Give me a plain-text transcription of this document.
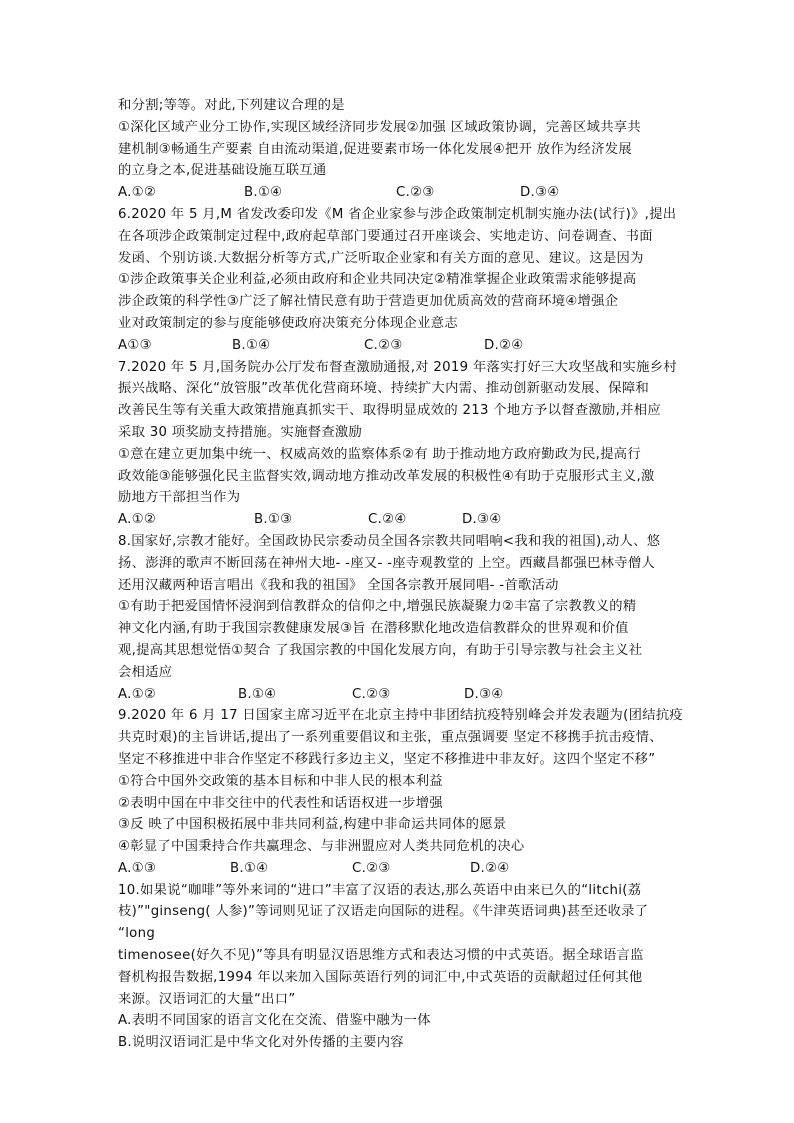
和分割;等等。对此,下列建议合理的是
①深化区域产业分工协作,实现区域经济同步发展②加强 区域政策协调，完善区域共享共
建机制③畅通生产要素 自由流动渠道,促进要素市场一体化发展④把开 放作为经济发展
的立身之本,促进基础设施互联互通
A.①②	B.①④	C.②③	D.③④
6.2020 年 5 月,M 省发改委印发《M 省企业家参与涉企政策制定机制实施办法(试行)》,提出
在各项涉企政策制定过程中,政府起草部门要通过召开座谈会、实地走访、问卷调查、书面
发函、个别访谈.大数据分析等方式,广泛听取企业家和有关方面的意见、建议。这是因为
①涉企政策事关企业利益,必须由政府和企业共同决定②精准掌握企业政策需求能够提高
涉企政策的科学性③广泛了解社情民意有助于营造更加优质高效的营商环境④增强企
业对政策制定的参与度能够使政府决策充分体现企业意志
A①③	B.①④	C.②③	D.②④
7.2020 年 5 月,国务院办公厅发布督查激励通报,对 2019 年落实打好三大攻坚战和实施乡村
振兴战略、深化“放管服”改革优化营商环境、持续扩大内需、推动创新驱动发展、保障和
改善民生等有关重大政策措施真抓实干、取得明显成效的 213 个地方予以督查激励,并相应
采取 30 项奖励支持措施。实施督查激励
①意在建立更加集中统一、权威高效的监察体系②有 助于推动地方政府勤政为民,提高行
政效能③能够强化民主监督实效,调动地方推动改革发展的积极性④有助于克服形式主义,激
励地方干部担当作为
A.①②	B.①③	C.②④	D.③④
8.国家好,宗教才能好。全国政协民宗委动员全国各宗教共同唱响<我和我的祖国),动人、悠
扬、澎湃的歌声不断回荡在神州大地- -座又- -座寺观教堂的 上空。西藏昌都强巴林寺僧人
还用汉藏两种语言唱出《我和我的祖国》 全国各宗教开展同唱- -首歌活动
①有助于把爱国情怀浸润到信教群众的信仰之中,增强民族凝聚力②丰富了宗教教义的精
神文化内涵,有助于我国宗教健康发展③旨 在潜移默化地改造信教群众的世界观和价值
观,提高其思想觉悟①契合 了我国宗教的中国化发展方向，有助于引导宗教与社会主义社
会相适应
A.①②	B.①④	C.②③	D.③④
9.2020 年 6 月 17 日国家主席习近平在北京主持中非团结抗疫特别峰会并发表题为(团结抗疫
共克时艰)的主旨讲话,提出了一系列重要倡议和主张，重点强调要 坚定不移携手抗击疫情、
坚定不移推进中非合作坚定不移践行多边主义，坚定不移推进中非友好。这四个坚定不移”
①符合中国外交政策的基本目标和中非人民的根本利益
②表明中国在中非交往中的代表性和话语权进一步增强
③反 映了中国积极拓展中非共同利益,构建中非命运共同体的愿景
④彰显了中国秉持合作共赢理念、与非洲盟应对人类共同危机的决心
A.①③	B.①④	C.②③	D.②④
10.如果说“咖啡”等外来词的“进口”丰富了汉语的表达,那么英语中由来已久的“litchi(荔
枝)”"ginseng( 人参)”等词则见证了汉语走向国际的进程。《牛津英语词典)甚至还收录了
“long
timenosee(好久不见)”等具有明显汉语思维方式和表达习惯的中式英语。据全球语言监
督机构报告数据,1994 年以来加入国际英语行列的词汇中,中式英语的贡献超过任何其他
来源。汉语词汇的大量“出口”
A.表明不同国家的语言文化在交流、借鉴中融为一体
B.说明汉语词汇是中华文化对外传播的主要内容
